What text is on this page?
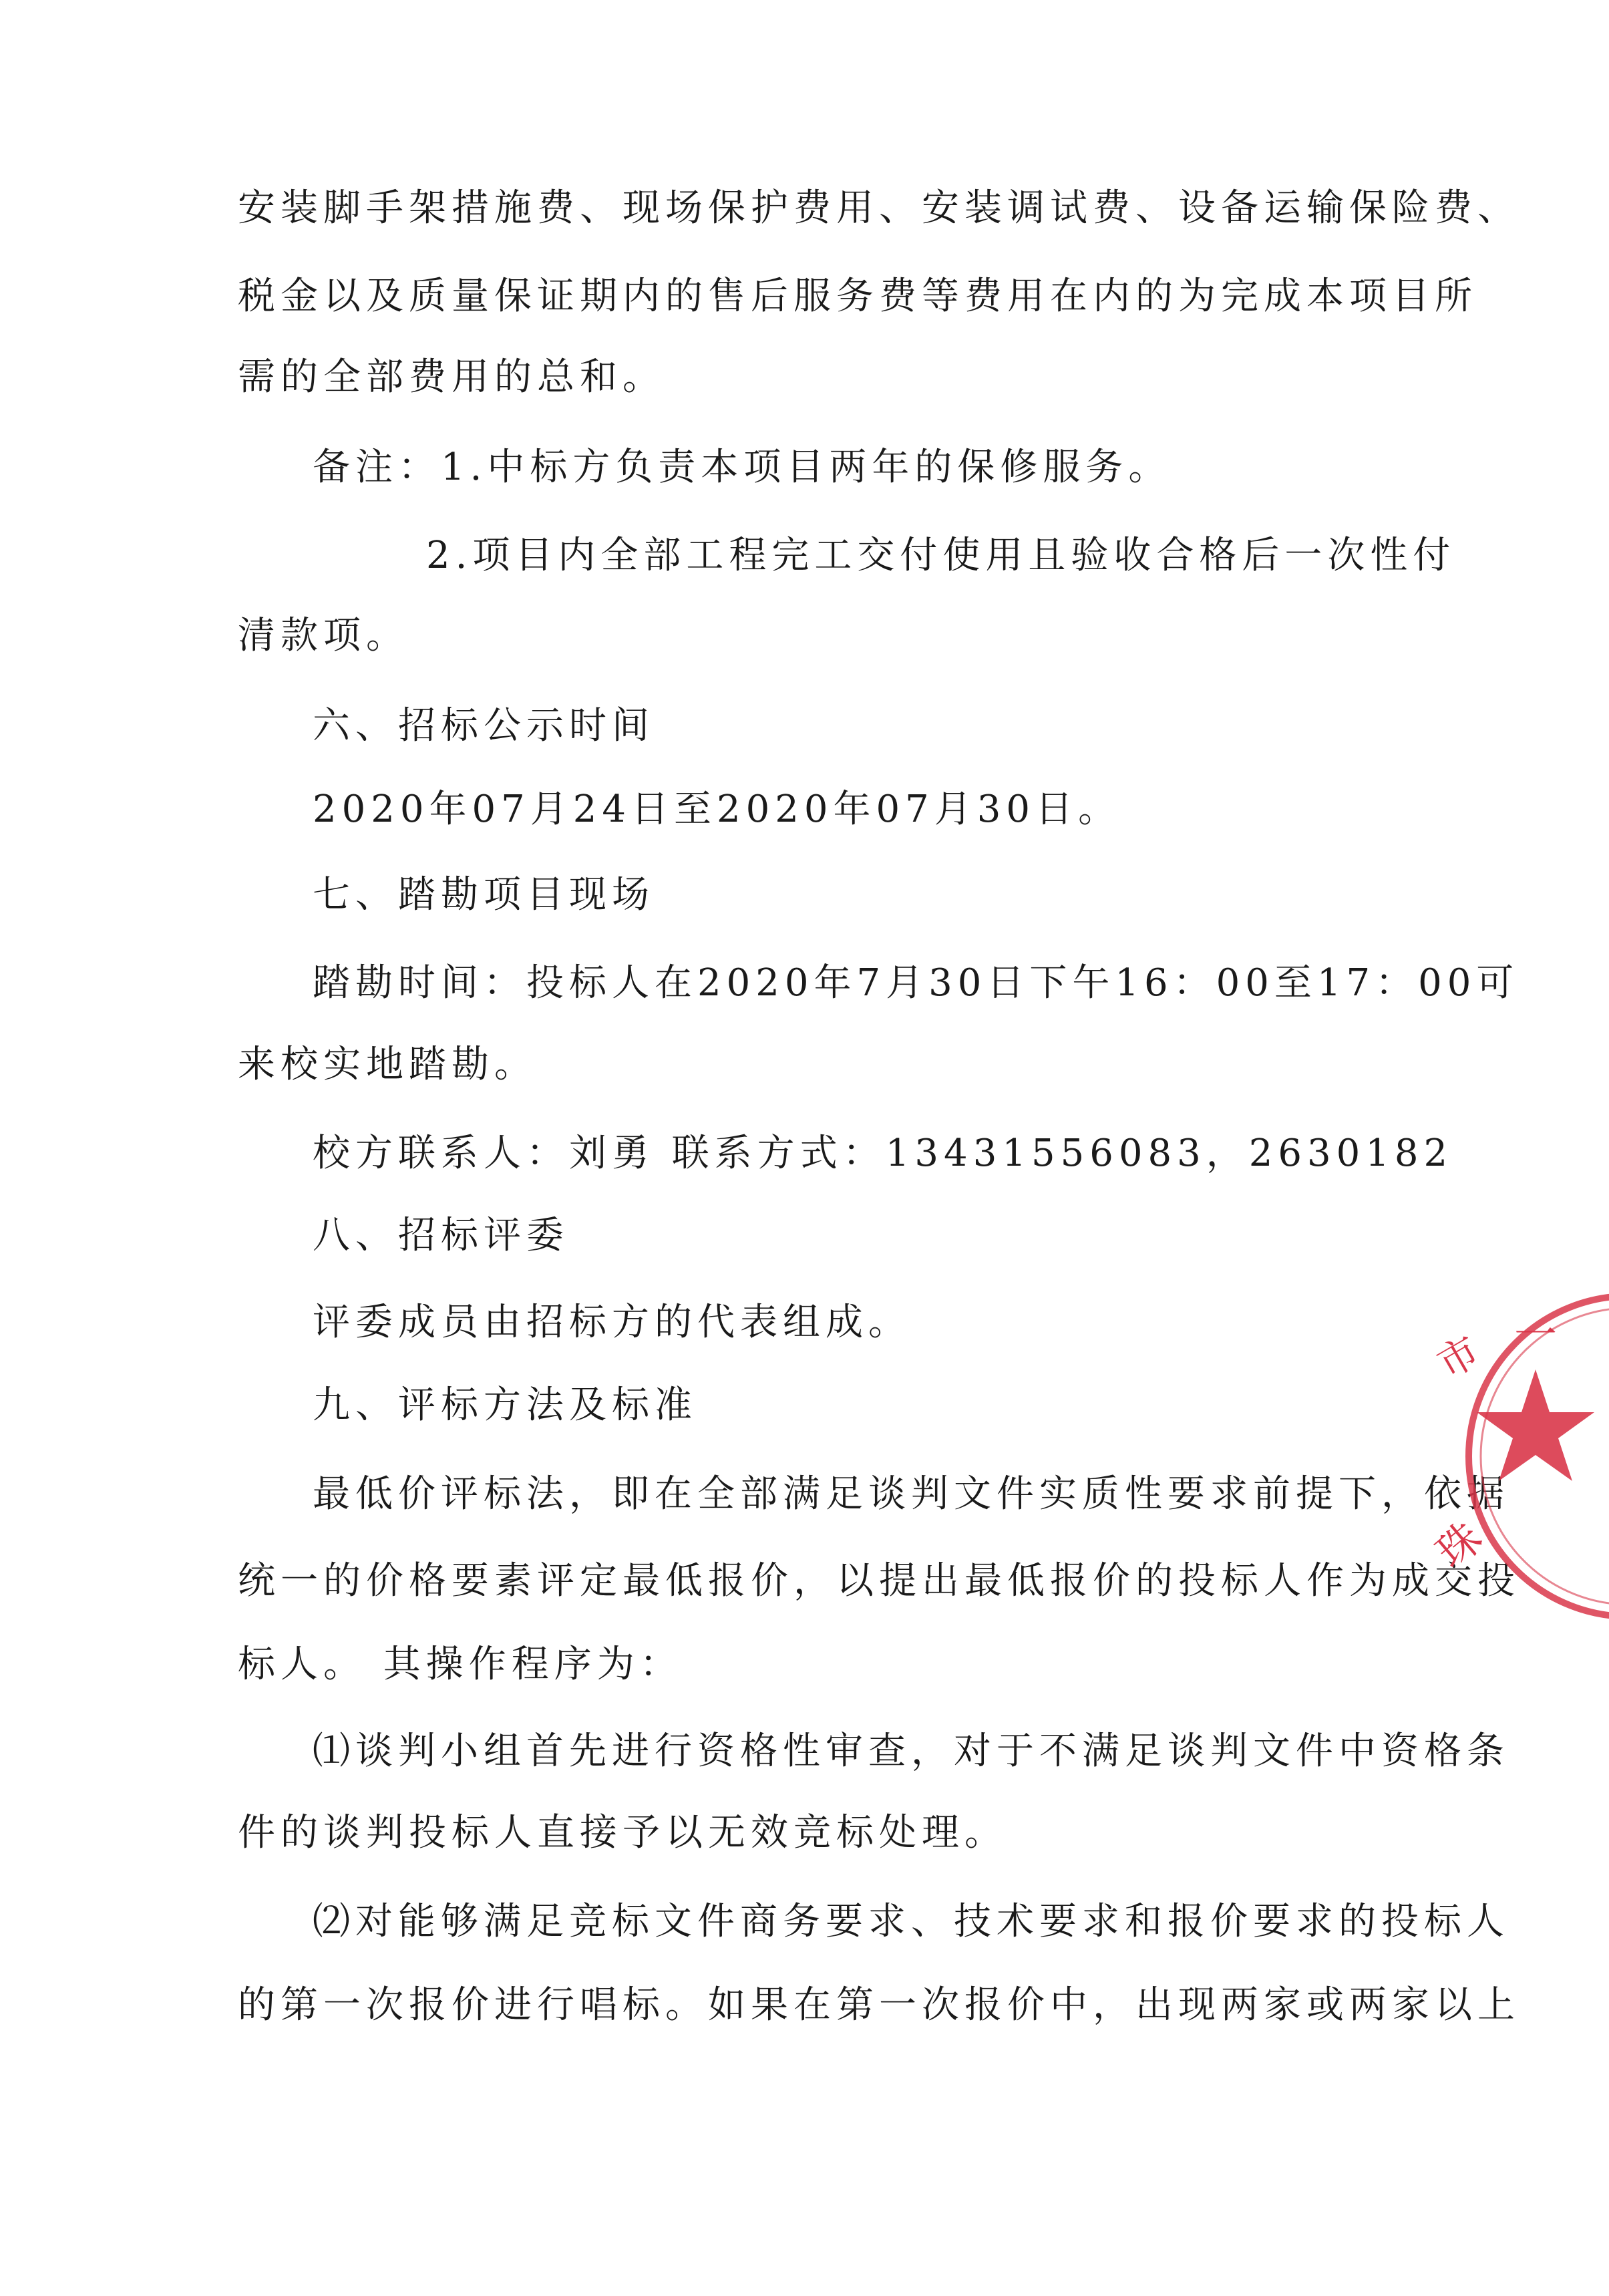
安装脚手架措施费、现场保护费用、安装调试费、设备运输保险费、
税金以及质量保证期内的售后服务费等费用在内的为完成本项目所
需的全部费用的总和。
备注：1.中标方负责本项目两年的保修服务。
2.项目内全部工程完工交付使用且验收合格后一次性付
清款项。
六、招标公示时间
2020年07月24日至2020年07月30日。
七、踏勘项目现场
踏勘时间：投标人在2020年7月30日下午16：00至17：00可
来校实地踏勘。
校方联系人：刘勇 联系方式：13431556083，2630182
八、招标评委
评委成员由招标方的代表组成。
九、评标方法及标准
最低价评标法，即在全部满足谈判文件实质性要求前提下，依据
统一的价格要素评定最低报价，以提出最低报价的投标人作为成交投
标人。 其操作程序为：
⑴谈判小组首先进行资格性审查，对于不满足谈判文件中资格条
件的谈判投标人直接予以无效竞标处理。
⑵对能够满足竞标文件商务要求、技术要求和报价要求的投标人
的第一次报价进行唱标。如果在第一次报价中，出现两家或两家以上
一
市
珠
